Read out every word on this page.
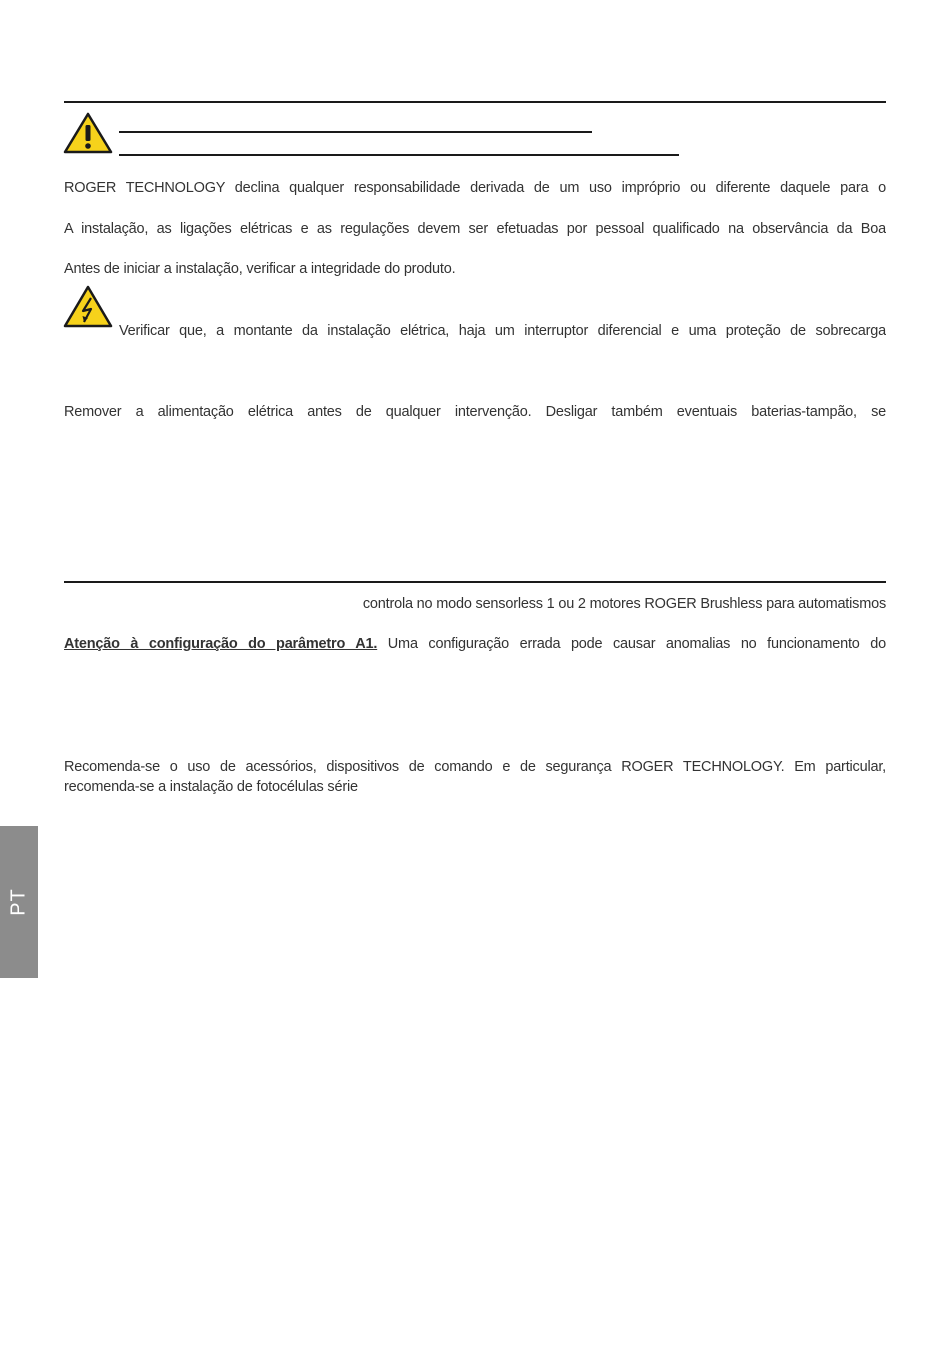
ROGER TECHNOLOGY declina qualquer responsabilidade derivada de um uso impróprio ou diferente daquele para o
A instalação, as ligações elétricas e as regulações devem ser efetuadas por pessoal qualificado na observância da Boa
Antes de iniciar a instalação, verificar a integridade do produto.
Verificar que, a montante da instalação elétrica, haja um interruptor diferencial e uma proteção de sobrecarga
Remover a alimentação elétrica antes de qualquer intervenção. Desligar também eventuais baterias-tampão, se
controla no modo sensorless 1 ou 2 motores ROGER Brushless para automatismos
Atenção à configuração do parâmetro A1. Uma configuração errada pode causar anomalias no funcionamento do
Recomenda-se o uso de acessórios, dispositivos de comando e de segurança ROGER TECHNOLOGY. Em particular,
recomenda-se a instalação de fotocélulas série
PT
